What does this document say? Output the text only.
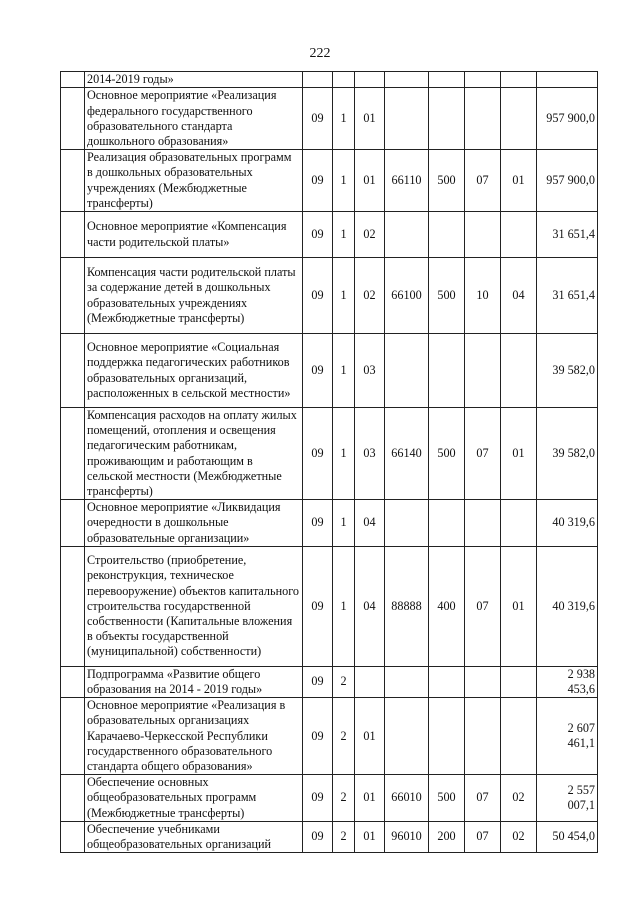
222
	2014-2019 годы»								
	Основное мероприятие «Реализация федерального государственного образовательного стандарта дошкольного образования»	09	1	01					957 900,0
	Реализация образовательных программ в дошкольных образовательных учреждениях (Межбюджетные трансферты)	09	1	01	66110	500	07	01	957 900,0
	Основное мероприятие «Компенсация части родительской платы»	09	1	02					31 651,4
	Компенсация части родительской платы за содержание детей в дошкольных образовательных учреждениях (Межбюджетные трансферты)	09	1	02	66100	500	10	04	31 651,4
	Основное мероприятие «Социальная поддержка педагогических работников образовательных организаций, расположенных в сельской местности»	09	1	03					39 582,0
	Компенсация расходов на оплату жилых помещений, отопления и освещения педагогическим работникам, проживающим и работающим в сельской местности (Межбюджетные трансферты)	09	1	03	66140	500	07	01	39 582,0
	Основное мероприятие «Ликвидация очередности в дошкольные образовательные организации»	09	1	04					40 319,6
	Строительство (приобретение, реконструкция, техническое перевооружение) объектов капитального строительства государственной собственности (Капитальные вложения в объекты государственной (муниципальной) собственности)	09	1	04	88888	400	07	01	40 319,6
	Подпрограмма «Развитие общего образования на 2014 - 2019 годы»	09	2						2 938 453,6
	Основное мероприятие «Реализация в образовательных организациях Карачаево-Черкесской Республики государственного образовательного стандарта общего образования»	09	2	01					2 607 461,1
	Обеспечение основных общеобразовательных программ (Межбюджетные трансферты)	09	2	01	66010	500	07	02	2 557 007,1
	Обеспечение учебниками общеобразовательных организаций	09	2	01	96010	200	07	02	50 454,0
